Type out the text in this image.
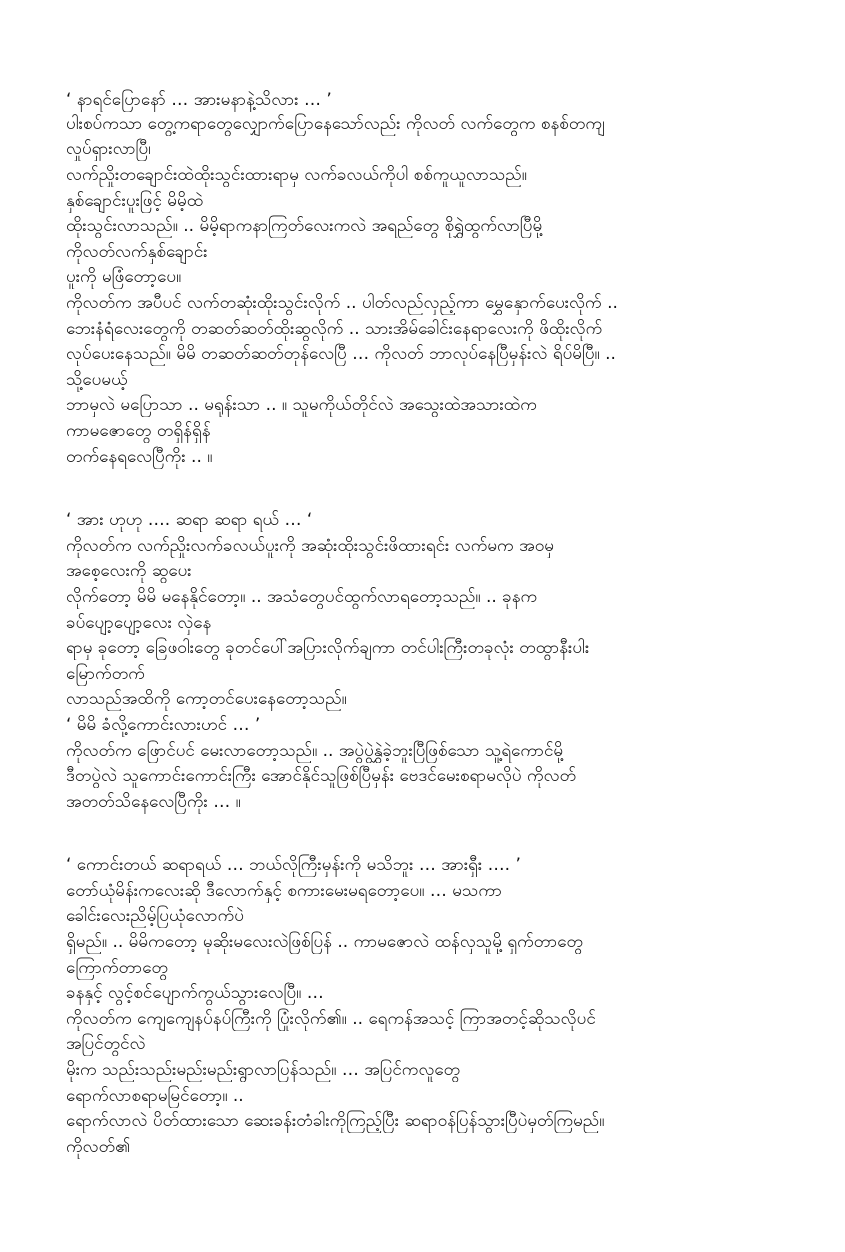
‘ နာရင်ပြောနော် … အားမနာနဲ့သိလား … ’
ပါးစပ်ကသာ တွေ့ကရာတွေလျှောက်ပြောနေသော်လည်း ကိုလတ် လက်တွေက စနစ်တကျ
လှုပ်ရှားလာပြီ၊
လက်ညှိုးတချောင်းထဲထိုးသွင်းထားရာမှ လက်ခလယ်ကိုပါ စစ်ကူယူလာသည်။
နှစ်ချောင်းပူးဖြင့် မိမိ့ထဲ
ထိုးသွင်းလာသည်။ .. မိမိ့ရာကနာကြတ်လေးကလဲ အရည်တွေ စိုရွှဲထွက်လာပြီမို့
ကိုလတ်လက်နှစ်ချောင်း
ပူးကို မဖြံတော့ပေ။
ကိုလတ်က အပီပင် လက်တဆုံးထိုးသွင်းလိုက် .. ပါတ်လည်လှည့်ကာ မွှေနှောက်ပေးလိုက် ..
ဘေးနံရံလေးတွေကို တဆတ်ဆတ်ထိုးဆွလိုက် .. သားအိမ်ခေါင်းနေရာလေးကို ဖိထိုးလိုက်
လုပ်ပေးနေသည်။ မိမိ တဆတ်ဆတ်တုန်လေပြီ … ကိုလတ် ဘာလုပ်နေပြီမှန်းလဲ ရိပ်မိပြီ။ ..
သို့ပေမယ့်
ဘာမှလဲ မပြောသာ .. မရုန်းသာ .. ။ သူမကိုယ်တိုင်လဲ အသွေးထဲအသားထဲက
ကာမဇောတွေ တရှိန်ရှိန်
တက်နေရလေပြီကိုး .. ။
‘ အား ဟုဟု …. ဆရာ ဆရာ ရယ် … ‘
ကိုလတ်က လက်ညှိုးလက်ခလယ်ပူးကို အဆုံးထိုးသွင်းဖိထားရင်း လက်မက အဝမှ
အစေ့လေးကို ဆွပေး
လိုက်တော့ မိမိ မနေနိုင်တော့။ .. အသံတွေပင်ထွက်လာရတော့သည်။ .. ခုနက
ခပ်ပျော့ပျော့လေး လှဲနေ
ရာမှ ခုတော့ ခြေဖဝါးတွေ ခုတင်ပေါ်အပြားလိုက်ချကာ တင်ပါးကြီးတခုလုံး တထွာနီးပါး
မြောက်တက်
လာသည်အထိကို ကော့တင်ပေးနေတော့သည်။
‘ မိမိ ခံလို့ကောင်းလားဟင် … ’
ကိုလတ်က ဖြောင်ပင် မေးလာတော့သည်။ .. အပွဲပွဲနွှဲခဲ့ဘူးပြီဖြစ်သော သူ့ရဲကောင်မို့
ဒီတပွဲလဲ သူကောင်းကောင်းကြီး အောင်နိုင်သူဖြစ်ပြီမှန်း ဗေဒင်မေးစရာမလိုပဲ ကိုလတ်
အတတ်သိနေလေပြီကိုး … ။
‘ ကောင်းတယ် ဆရာရယ် … ဘယ်လိုကြီးမှန်းကို မသိဘူး … အားရှီး …. ’
တော်ယုံမိန်းကလေးဆို ဒီလောက်နှင့် စကားမေးမရတော့ပေ။ … မသကာ
ခေါင်းလေးညိမ့်ပြယုံလောက်ပဲ
ရှိမည်။ .. မိမိကတော့ မုဆိုးမလေးလဲဖြစ်ပြန် .. ကာမဇောလဲ ထန်လှသူမို့ ရှက်တာတွေ
ကြောက်တာတွေ
ခနနှင့် လွင့်စင်ပျောက်ကွယ်သွားလေပြီ။ …
ကိုလတ်က ကျေကျေနပ်နပ်ကြီးကို ပြုံးလိုက်၏။ .. ရေကန်အသင့် ကြာအတင့်ဆိုသလိုပင်
အပြင်တွင်လဲ
မိုးက သည်းသည်းမည်းမည်းရွာလာပြန်သည်။ … အပြင်ကလူတွေ
ရောက်လာစရာမမြင်တော့။ ..
ရောက်လာလဲ ပိတ်ထားသော ဆေးခန်းတံခါးကိုကြည့်ပြီး ဆရာဝန်ပြန်သွားပြီပဲမှတ်ကြမည်။
ကိုလတ်၏
